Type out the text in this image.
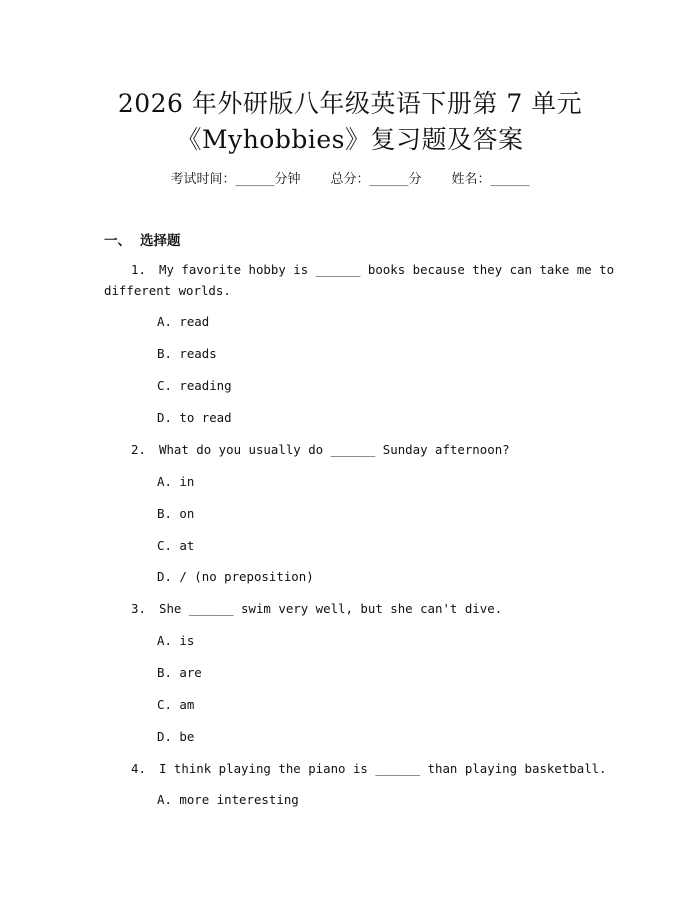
2026 年外研版八年级英语下册第 7 单元
《Myhobbies》复习题及答案
考试时间：______分钟 总分：______分 姓名：______
一、 选择题
1. My favorite hobby is ______ books because they can take me to
different worlds.
A. read
B. reads
C. reading
D. to read
2. What do you usually do ______ Sunday afternoon?
A. in
B. on
C. at
D. / (no preposition)
3. She ______ swim very well, but she can't dive.
A. is
B. are
C. am
D. be
4. I think playing the piano is ______ than playing basketball.
A. more interesting
